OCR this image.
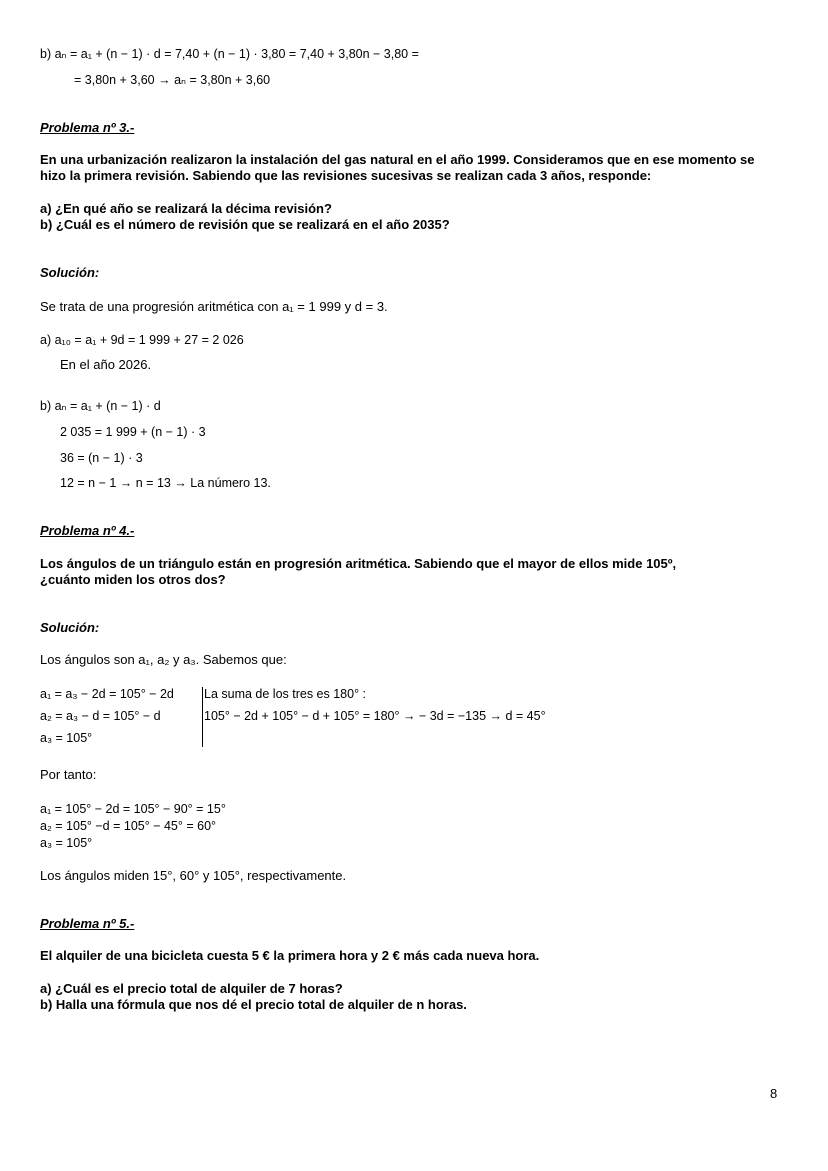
b) aₙ = a₁ + (n − 1) · d = 7,40 + (n − 1) · 3,80 = 7,40 + 3,80n − 3,80 =
= 3,80n + 3,60 → aₙ = 3,80n + 3,60
Problema nº 3.-
En una urbanización realizaron la instalación del gas natural en el año 1999. Consideramos que en ese momento se
hizo la primera revisión. Sabiendo que las revisiones sucesivas se realizan cada 3 años, responde:
a) ¿En qué año se realizará la décima revisión?
b) ¿Cuál es el número de revisión que se realizará en el año 2035?
Solución:
Se trata de una progresión aritmética con a₁ = 1 999 y d = 3.
a) a₁₀ = a₁ + 9d = 1 999 + 27 = 2 026
En el año 2026.
b) aₙ = a₁ + (n − 1) · d
2 035 = 1 999 + (n − 1) · 3
36 = (n − 1) · 3
12 = n − 1 → n = 13 → La número 13.
Problema nº 4.-
Los ángulos de un triángulo están en progresión aritmética. Sabiendo que el mayor de ellos mide 105º,
¿cuánto miden los otros dos?
Solución:
Los ángulos son a₁, a₂ y a₃. Sabemos que:
a₁ = a₃ − 2d = 105° − 2d
a₂ = a₃ − d = 105° − d
a₃ = 105°
La suma de los tres es 180° :
105° − 2d + 105° − d + 105° = 180° → − 3d = −135 → d = 45°
Por tanto:
a₁ = 105° − 2d = 105° − 90° = 15°
a₂ = 105° −d = 105° − 45° = 60°
a₃ = 105°
Los ángulos miden 15°, 60° y 105°, respectivamente.
Problema nº 5.-
El alquiler de una bicicleta cuesta 5 € la primera hora y 2 € más cada nueva hora.
a) ¿Cuál es el precio total de alquiler de 7 horas?
b) Halla una fórmula que nos dé el precio total de alquiler de n horas.
8
